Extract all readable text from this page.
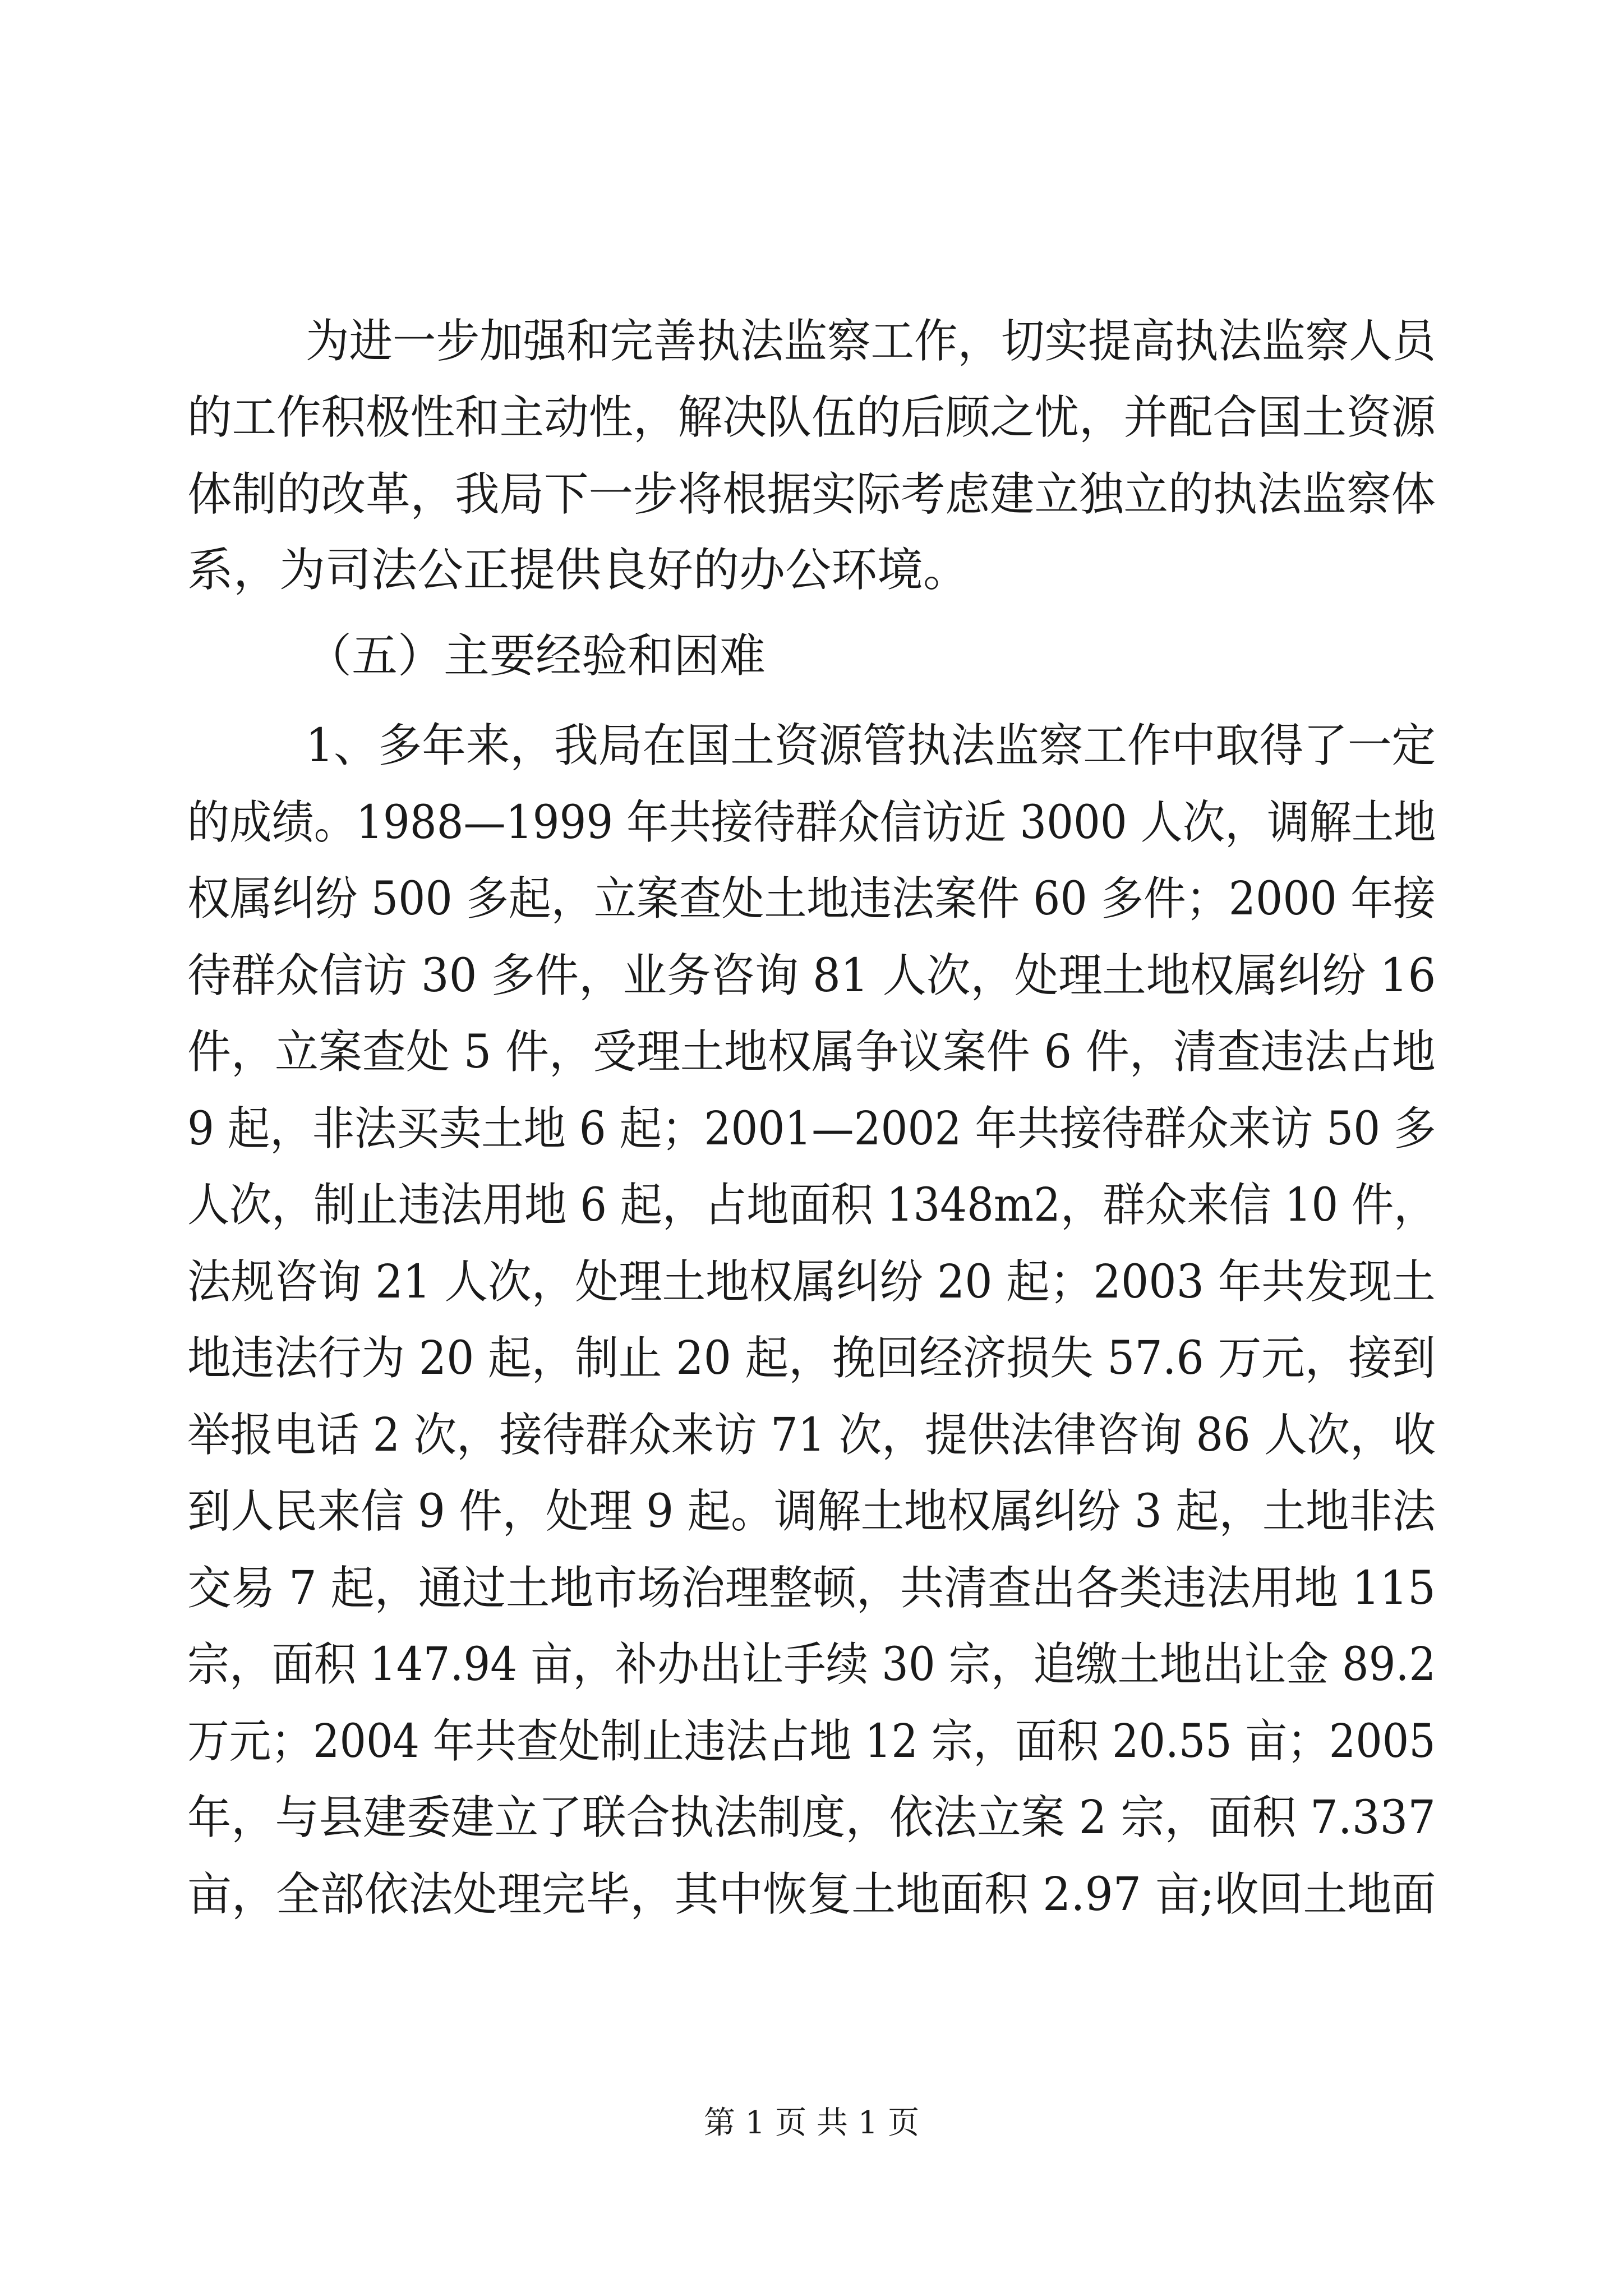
为进一步加强和完善执法监察工作，切实提高执法监察人员

的工作积极性和主动性，解决队伍的后顾之忧，并配合国土资源

体制的改革，我局下一步将根据实际考虑建立独立的执法监察体

系，为司法公正提供良好的办公环境。

（五）主要经验和困难

1、多年来，我局在国土资源管执法监察工作中取得了一定

的成绩。1988—1999 年共接待群众信访近 3000 人次，调解土地

权属纠纷 500 多起，立案查处土地违法案件 60 多件；2000 年接

待群众信访 30 多件，业务咨询 81 人次，处理土地权属纠纷 16

件，立案查处 5 件，受理土地权属争议案件 6 件，清查违法占地

9 起，非法买卖土地 6 起；2001—2002 年共接待群众来访 50 多

人次，制止违法用地 6 起，占地面积 1348m2，群众来信 10 件，

法规咨询 21 人次，处理土地权属纠纷 20 起；2003 年共发现土

地违法行为 20 起，制止 20 起，挽回经济损失 57.6 万元，接到

举报电话 2 次，接待群众来访 71 次，提供法律咨询 86 人次，收

到人民来信 9 件，处理 9 起。调解土地权属纠纷 3 起，土地非法

交易 7 起，通过土地市场治理整顿，共清查出各类违法用地 115

宗，面积 147.94 亩，补办出让手续 30 宗，追缴土地出让金 89.2

万元；2004 年共查处制止违法占地 12 宗，面积 20.55 亩；2005

年，与县建委建立了联合执法制度，依法立案 2 宗，面积 7.337

亩，全部依法处理完毕，其中恢复土地面积 2.97 亩;收回土地面

第 1 页 共 1 页
